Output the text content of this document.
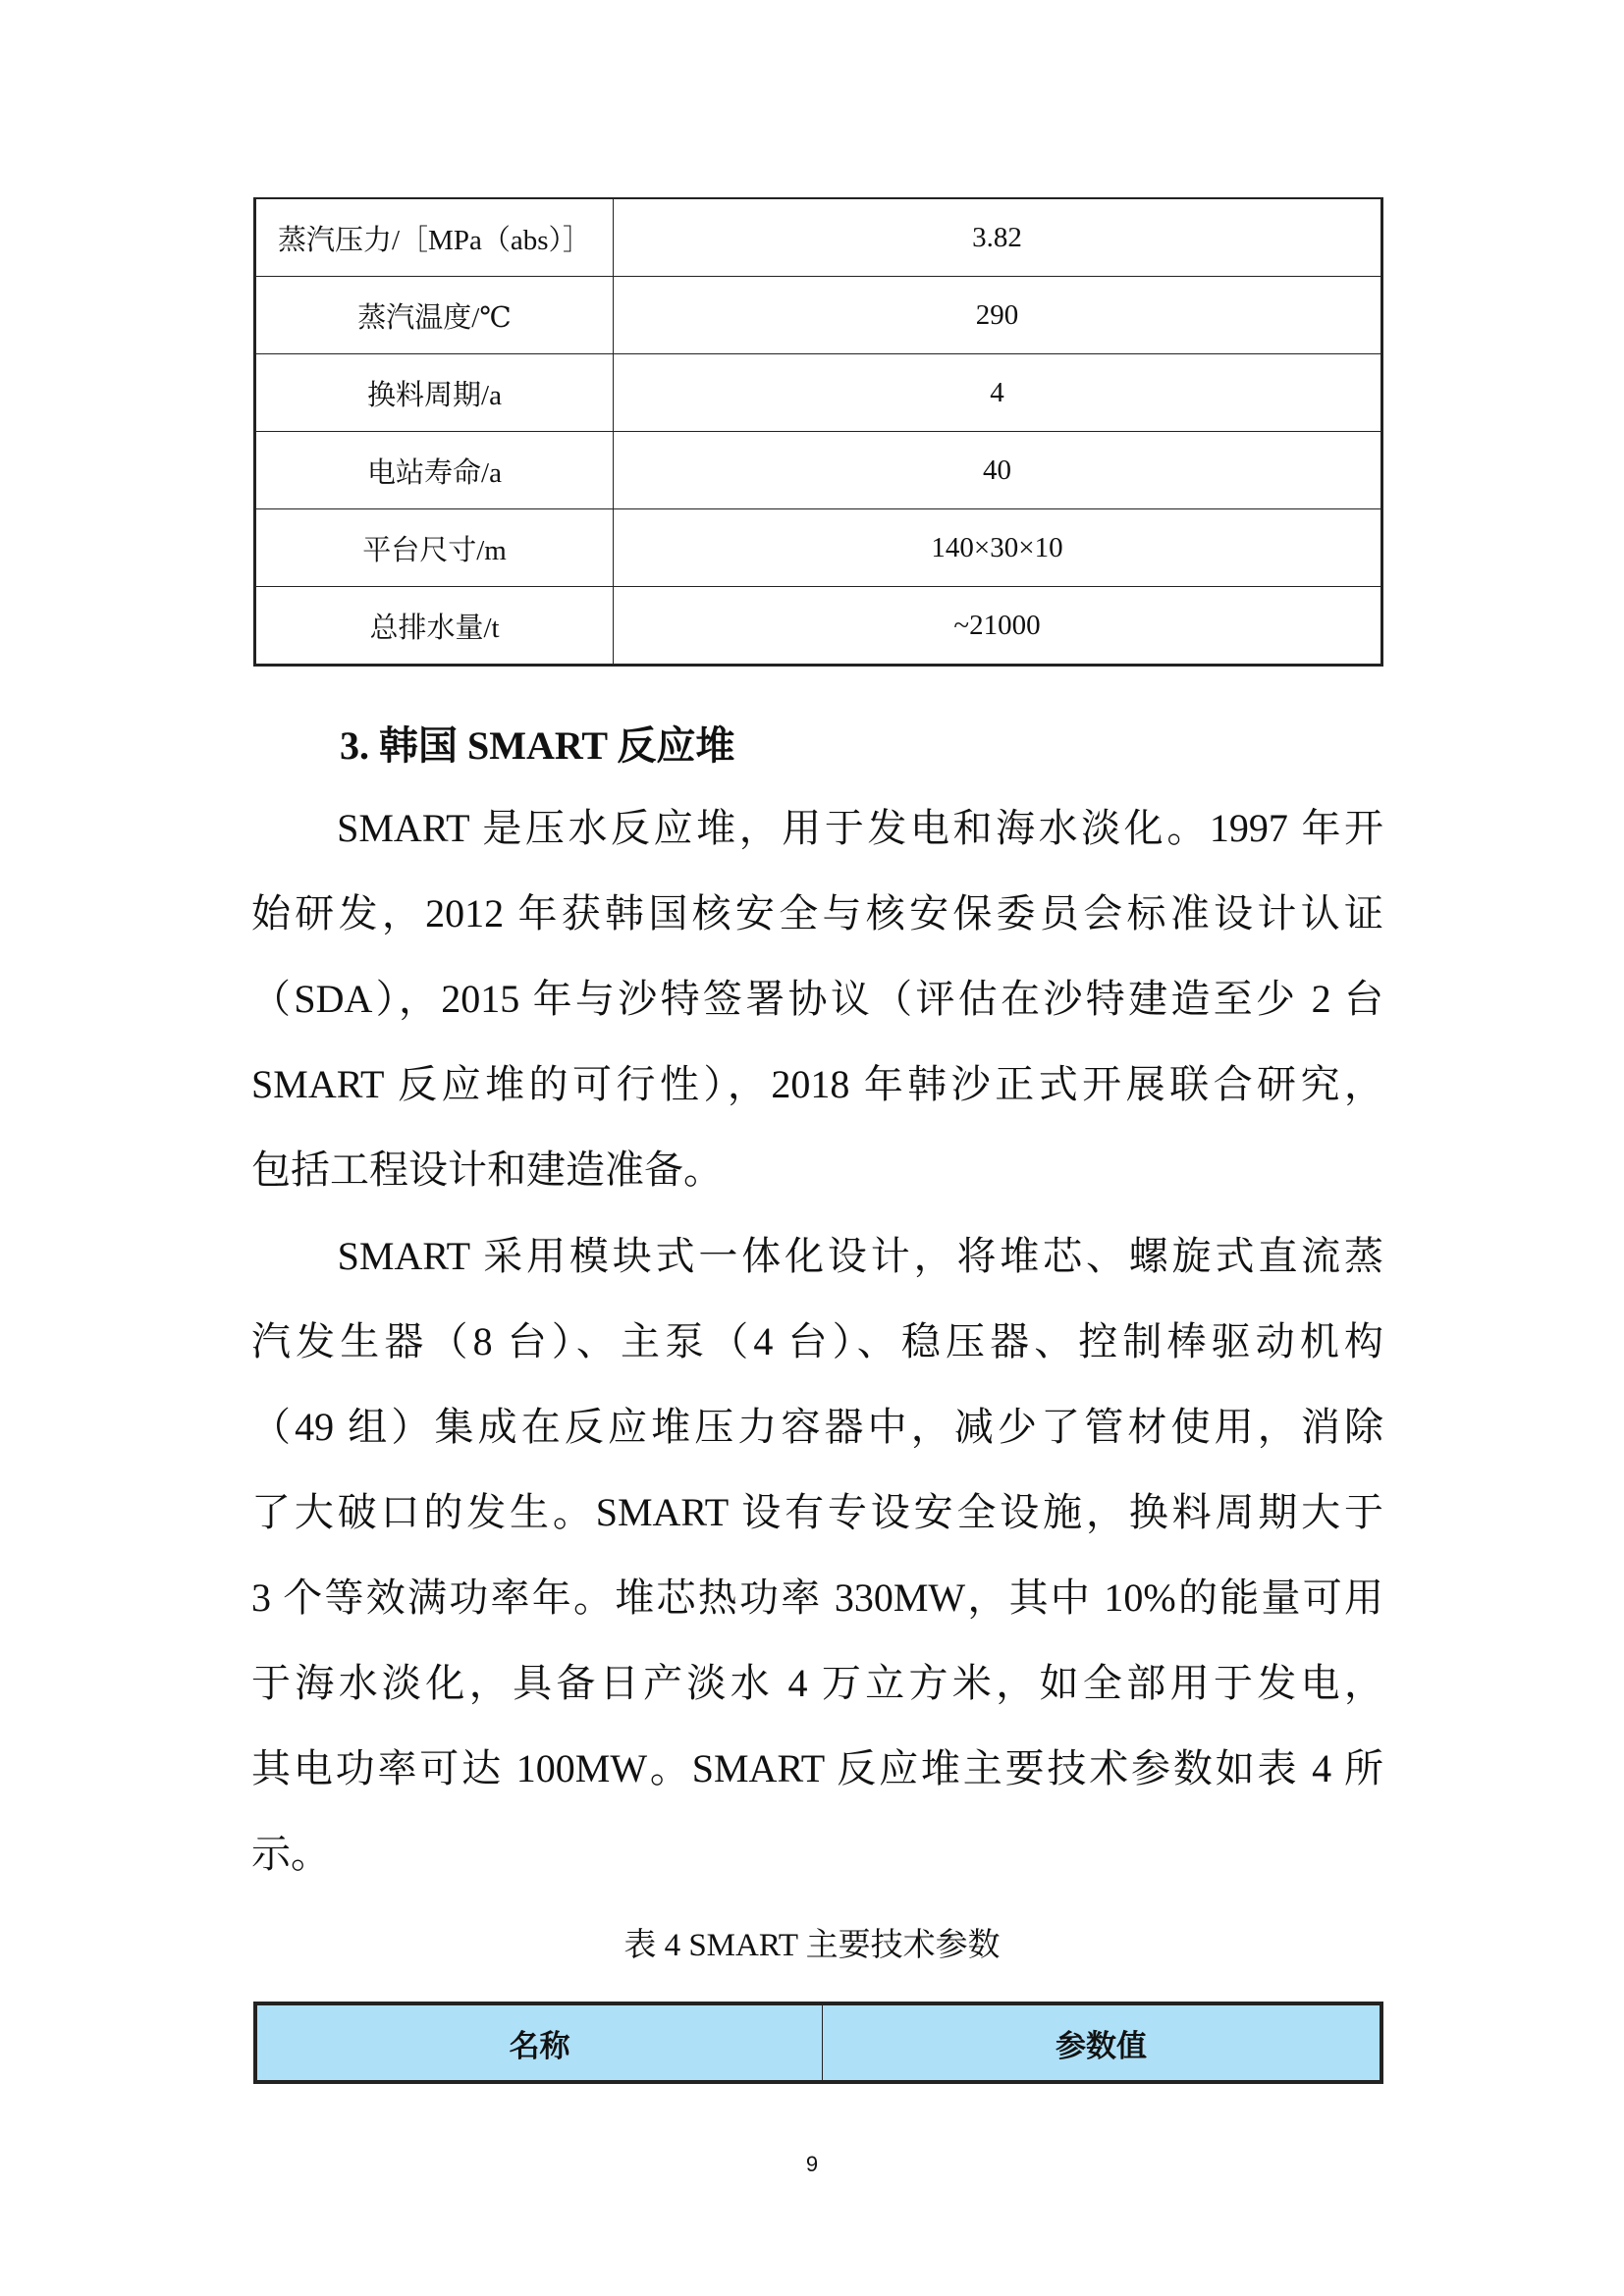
蒸汽压力/［MPa（abs）］	3.82
蒸汽温度/℃	290
换料周期/a	4
电站寿命/a	40
平台尺寸/m	140×30×10
总排水量/t	~21000
3. 韩国 SMART 反应堆
　　SMART 是压水反应堆，用于发电和海水淡化。1997 年开
始研发，2012 年获韩国核安全与核安保委员会标准设计认证
（SDA），2015 年与沙特签署协议（评估在沙特建造至少 2 台
SMART 反应堆的可行性），2018 年韩沙正式开展联合研究，
包括工程设计和建造准备。
　　SMART 采用模块式一体化设计，将堆芯、螺旋式直流蒸
汽发生器（8 台）、主泵（4 台）、稳压器、控制棒驱动机构
（49 组）集成在反应堆压力容器中，减少了管材使用，消除
了大破口的发生。SMART 设有专设安全设施，换料周期大于
3 个等效满功率年。堆芯热功率 330MW，其中 10%的能量可用
于海水淡化，具备日产淡水 4 万立方米，如全部用于发电，
其电功率可达 100MW。SMART 反应堆主要技术参数如表 4 所
示。
表 4 SMART 主要技术参数
名称	参数值
9
